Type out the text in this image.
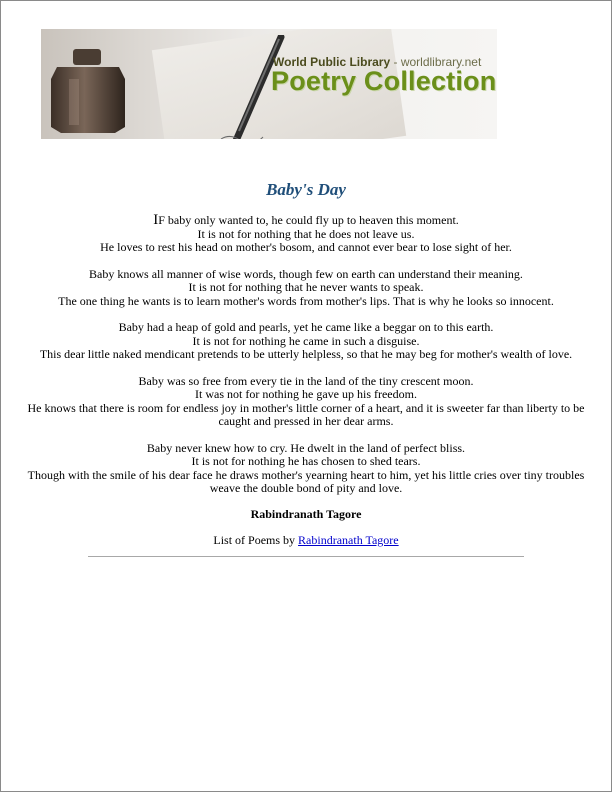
World Public Library - worldlibrary.net
Poetry Collection
Baby's Day
IF baby only wanted to, he could fly up to heaven this moment.
It is not for nothing that he does not leave us.
He loves to rest his head on mother's bosom, and cannot ever bear to lose sight of her.
Baby knows all manner of wise words, though few on earth can understand their meaning.
It is not for nothing that he never wants to speak.
The one thing he wants is to learn mother's words from mother's lips. That is why he looks so innocent.
Baby had a heap of gold and pearls, yet he came like a beggar on to this earth.
It is not for nothing he came in such a disguise.
This dear little naked mendicant pretends to be utterly helpless, so that he may beg for mother's wealth of love.
Baby was so free from every tie in the land of the tiny crescent moon.
It was not for nothing he gave up his freedom.
He knows that there is room for endless joy in mother's little corner of a heart, and it is sweeter far than liberty to be caught and pressed in her dear arms.
Baby never knew how to cry. He dwelt in the land of perfect bliss.
It is not for nothing he has chosen to shed tears.
Though with the smile of his dear face he draws mother's yearning heart to him, yet his little cries over tiny troubles weave the double bond of pity and love.
Rabindranath Tagore
List of Poems by Rabindranath Tagore
